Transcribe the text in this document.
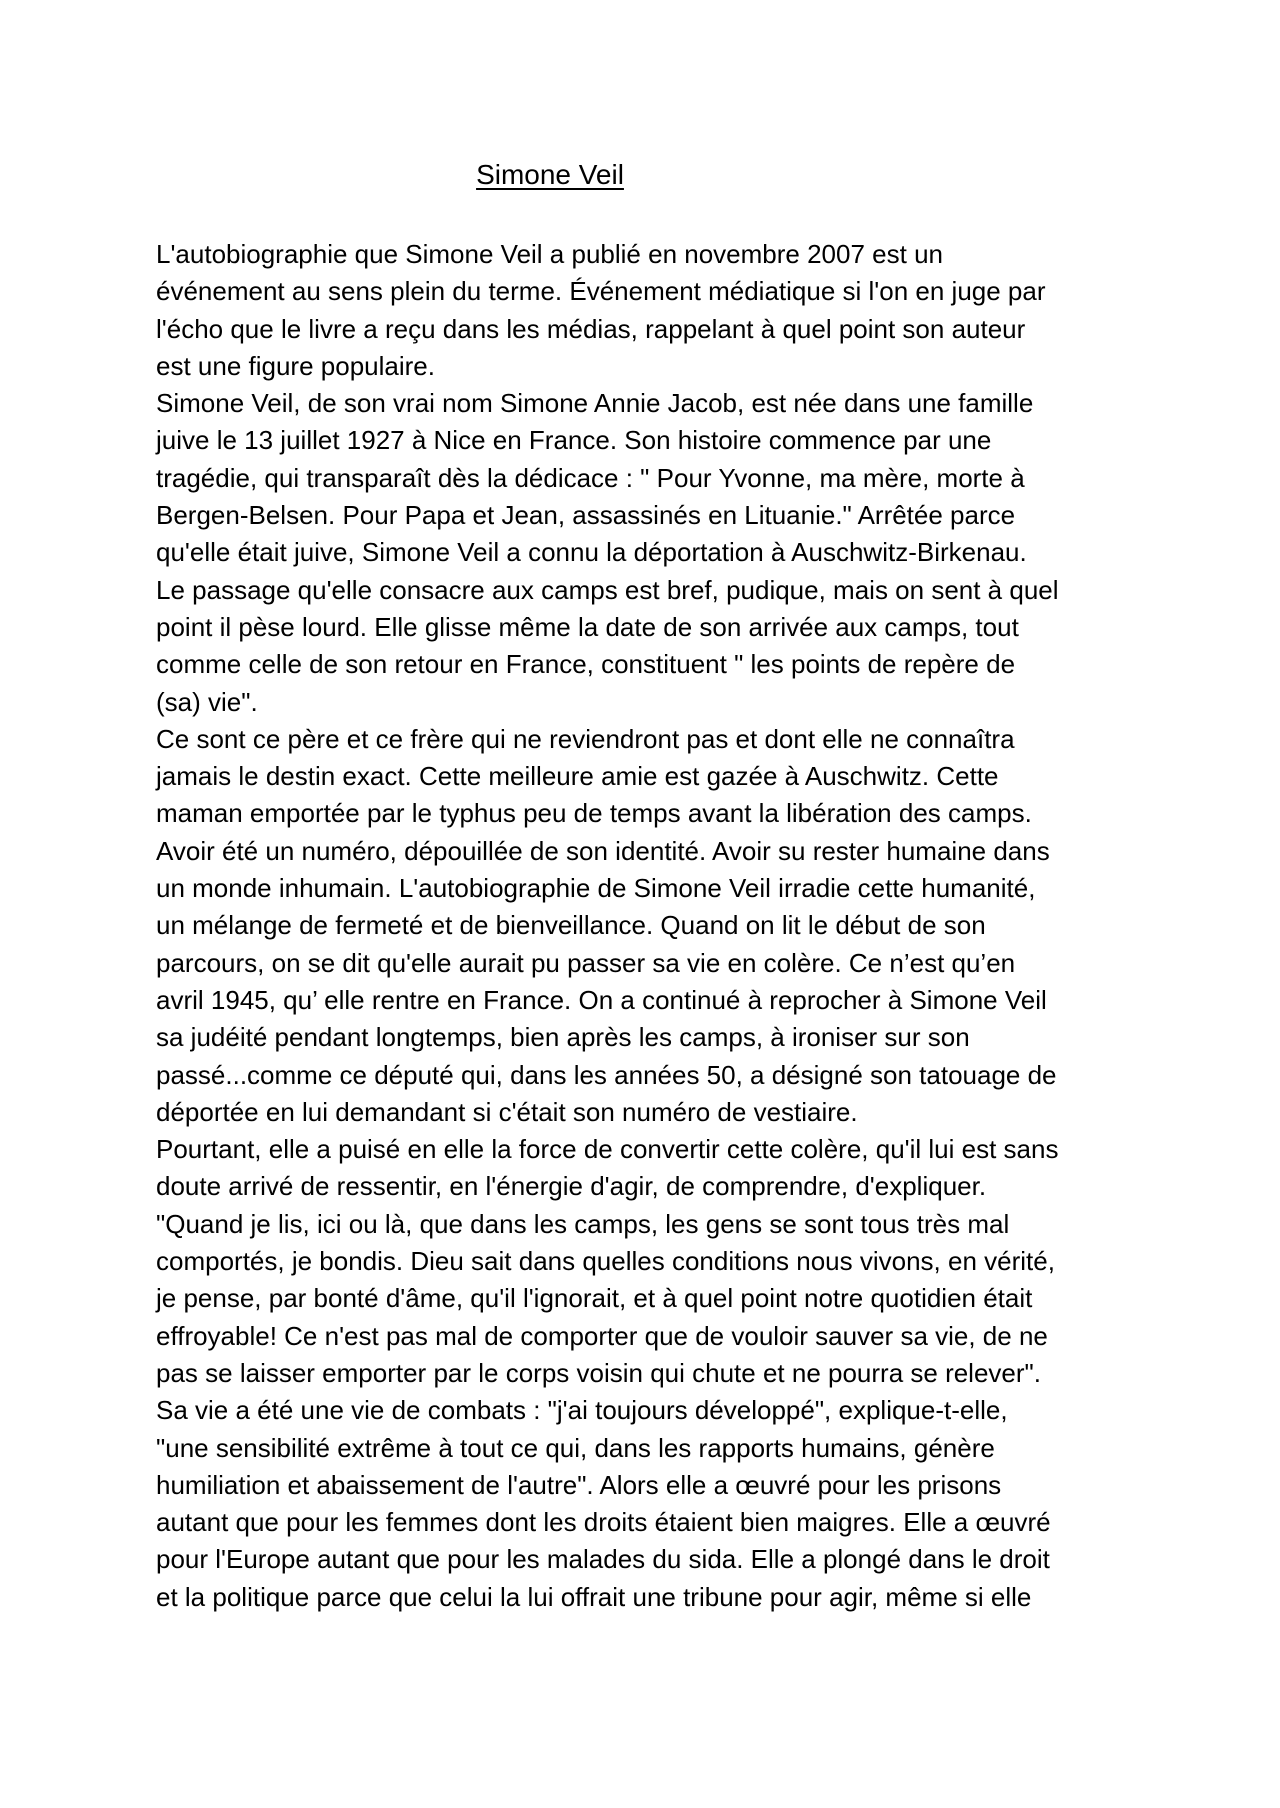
Simone Veil
L'autobiographie que Simone Veil a publié en novembre 2007 est un
événement au sens plein du terme. Événement médiatique si l'on en juge par
l'écho que le livre a reçu dans les médias, rappelant à quel point son auteur
est une figure populaire.
Simone Veil, de son vrai nom Simone Annie Jacob, est née dans une famille
juive le 13 juillet 1927 à Nice en France. Son histoire commence par une
tragédie, qui transparaît dès la dédicace : " Pour Yvonne, ma mère, morte à
Bergen-Belsen. Pour Papa et Jean, assassinés en Lituanie." Arrêtée parce
qu'elle était juive, Simone Veil a connu la déportation à Auschwitz-Birkenau.
Le passage qu'elle consacre aux camps est bref, pudique, mais on sent à quel
point il pèse lourd. Elle glisse même la date de son arrivée aux camps, tout
comme celle de son retour en France, constituent " les points de repère de
(sa) vie".
Ce sont ce père et ce frère qui ne reviendront pas et dont elle ne connaîtra
jamais le destin exact. Cette meilleure amie est gazée à Auschwitz. Cette
maman emportée par le typhus peu de temps avant la libération des camps.
Avoir été un numéro, dépouillée de son identité. Avoir su rester humaine dans
un monde inhumain. L'autobiographie de Simone Veil irradie cette humanité,
un mélange de fermeté et de bienveillance. Quand on lit le début de son
parcours, on se dit qu'elle aurait pu passer sa vie en colère. Ce n’est qu’en
avril 1945, qu’ elle rentre en France. On a continué à reprocher à Simone Veil
sa judéité pendant longtemps, bien après les camps, à ironiser sur son
passé...comme ce député qui, dans les années 50, a désigné son tatouage de
déportée en lui demandant si c'était son numéro de vestiaire.
Pourtant, elle a puisé en elle la force de convertir cette colère, qu'il lui est sans
doute arrivé de ressentir, en l'énergie d'agir, de comprendre, d'expliquer.
"Quand je lis, ici ou là, que dans les camps, les gens se sont tous très mal
comportés, je bondis. Dieu sait dans quelles conditions nous vivons, en vérité,
je pense, par bonté d'âme, qu'il l'ignorait, et à quel point notre quotidien était
effroyable! Ce n'est pas mal de comporter que de vouloir sauver sa vie, de ne
pas se laisser emporter par le corps voisin qui chute et ne pourra se relever".
Sa vie a été une vie de combats : "j'ai toujours développé", explique-t-elle,
"une sensibilité extrême à tout ce qui, dans les rapports humains, génère
humiliation et abaissement de l'autre". Alors elle a œuvré pour les prisons
autant que pour les femmes dont les droits étaient bien maigres. Elle a œuvré
pour l'Europe autant que pour les malades du sida. Elle a plongé dans le droit
et la politique parce que celui la lui offrait une tribune pour agir, même si elle
